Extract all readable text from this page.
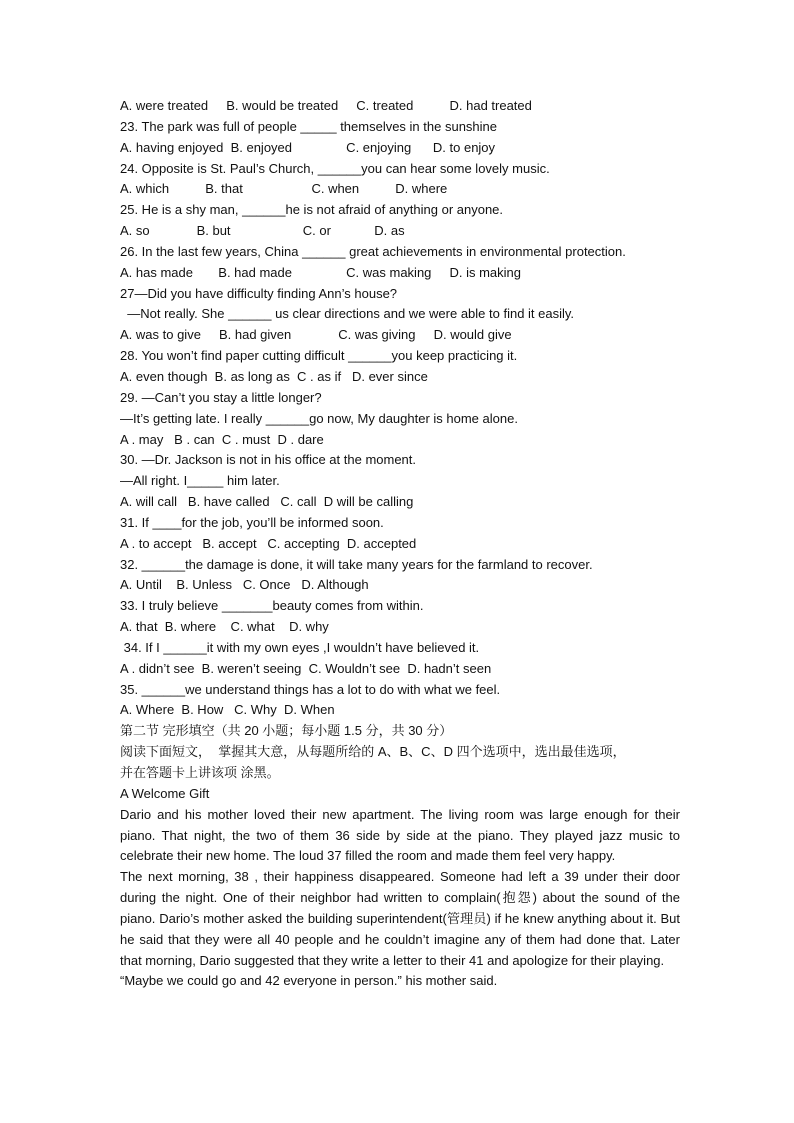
A. were treated     B. would be treated     C. treated          D. had treated
23. The park was full of people _____ themselves in the sunshine
A. having enjoyed  B. enjoyed               C. enjoying      D. to enjoy
24. Opposite is St. Paul’s Church, ______you can hear some lovely music.
A. which          B. that                   C. when          D. where
25. He is a shy man, ______he is not afraid of anything or anyone.
A. so             B. but                    C. or            D. as
26. In the last few years, China ______ great achievements in environmental protection.
A. has made       B. had made               C. was making     D. is making
27—Did you have difficulty finding Ann’s house?
—Not really. She ______ us clear directions and we were able to find it easily.
A. was to give     B. had given             C. was giving     D. would give
28. You won’t find paper cutting difficult ______you keep practicing it.
A. even though  B. as long as  C . as if   D. ever since
29. —Can’t you stay a little longer?
—It’s getting late. I really ______go now, My daughter is home alone.
A . may   B . can  C . must  D . dare
30. —Dr. Jackson is not in his office at the moment.
—All right. I_____ him later.
A. will call   B. have called   C. call  D will be calling
31. If ____for the job, you’ll be informed soon.
A . to accept   B. accept   C. accepting  D. accepted
32. ______the damage is done, it will take many years for the farmland to recover.
A. Until    B. Unless   C. Once   D. Although
33. I truly believe _______beauty comes from within.
A. that  B. where    C. what    D. why
34. If I ______it with my own eyes ,I wouldn’t have believed it.
A . didn’t see  B. weren’t seeing  C. Wouldn’t see  D. hadn’t seen
35. ______we understand things has a lot to do with what we feel.
A. Where  B. How   C. Why  D. When
第二节 完形填空（共 20 小题；每小题 1.5 分，共 30 分）
阅读下面短文，  掌握其大意，从每题所给的 A、B、C、D 四个选项中，选出最佳选项，
并在答题卡上讲该项 涂黑。
A Welcome Gift
Dario and his mother loved their new apartment. The living room was large enough for their piano. That night, the two of them 36 side by side at the piano. They played jazz music to celebrate their new home. The loud 37 filled the room and made them feel very happy.
The next morning, 38 , their happiness disappeared. Someone had left a 39 under their door during the night. One of their neighbor had written to complain(抱怨) about the sound of the piano. Dario’s mother asked the building superintendent(管理员) if he knew anything about it. But he said that they were all 40 people and he couldn’t imagine any of them had done that. Later that morning, Dario suggested that they write a letter to their 41 and apologize for their playing.
“Maybe we could go and 42 everyone in person.” his mother said.
